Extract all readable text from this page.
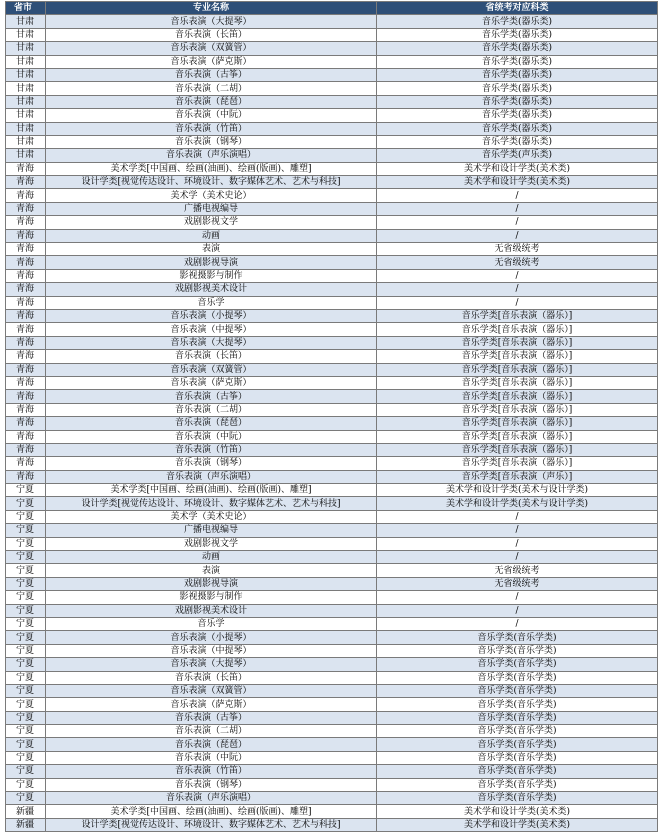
省市	专业名称	省统考对应科类
甘肃	音乐表演（大提琴）	音乐学类(器乐类)
甘肃	音乐表演（长笛）	音乐学类(器乐类)
甘肃	音乐表演（双簧管）	音乐学类(器乐类)
甘肃	音乐表演（萨克斯）	音乐学类(器乐类)
甘肃	音乐表演（古筝）	音乐学类(器乐类)
甘肃	音乐表演（二胡）	音乐学类(器乐类)
甘肃	音乐表演（琵琶）	音乐学类(器乐类)
甘肃	音乐表演（中阮）	音乐学类(器乐类)
甘肃	音乐表演（竹笛）	音乐学类(器乐类)
甘肃	音乐表演（钢琴）	音乐学类(器乐类)
甘肃	音乐表演（声乐演唱）	音乐学类(声乐类)
青海	美术学类[中国画、绘画(油画)、绘画(版画)、雕塑]	美术学和设计学类(美术类)
青海	设计学类[视觉传达设计、环境设计、数字媒体艺术、艺术与科技]	美术学和设计学类(美术类)
青海	美术学（美术史论）	/
青海	广播电视编导	/
青海	戏剧影视文学	/
青海	动画	/
青海	表演	无省级统考
青海	戏剧影视导演	无省级统考
青海	影视摄影与制作	/
青海	戏剧影视美术设计	/
青海	音乐学	/
青海	音乐表演（小提琴）	音乐学类[音乐表演（器乐）]
青海	音乐表演（中提琴）	音乐学类[音乐表演（器乐）]
青海	音乐表演（大提琴）	音乐学类[音乐表演（器乐）]
青海	音乐表演（长笛）	音乐学类[音乐表演（器乐）]
青海	音乐表演（双簧管）	音乐学类[音乐表演（器乐）]
青海	音乐表演（萨克斯）	音乐学类[音乐表演（器乐）]
青海	音乐表演（古筝）	音乐学类[音乐表演（器乐）]
青海	音乐表演（二胡）	音乐学类[音乐表演（器乐）]
青海	音乐表演（琵琶）	音乐学类[音乐表演（器乐）]
青海	音乐表演（中阮）	音乐学类[音乐表演（器乐）]
青海	音乐表演（竹笛）	音乐学类[音乐表演（器乐）]
青海	音乐表演（钢琴）	音乐学类[音乐表演（器乐）]
青海	音乐表演（声乐演唱）	音乐学类[音乐表演（声乐）]
宁夏	美术学类[中国画、绘画(油画)、绘画(版画)、雕塑]	美术学和设计学类(美术与设计学类)
宁夏	设计学类[视觉传达设计、环境设计、数字媒体艺术、艺术与科技]	美术学和设计学类(美术与设计学类)
宁夏	美术学（美术史论）	/
宁夏	广播电视编导	/
宁夏	戏剧影视文学	/
宁夏	动画	/
宁夏	表演	无省级统考
宁夏	戏剧影视导演	无省级统考
宁夏	影视摄影与制作	/
宁夏	戏剧影视美术设计	/
宁夏	音乐学	/
宁夏	音乐表演（小提琴）	音乐学类(音乐学类)
宁夏	音乐表演（中提琴）	音乐学类(音乐学类)
宁夏	音乐表演（大提琴）	音乐学类(音乐学类)
宁夏	音乐表演（长笛）	音乐学类(音乐学类)
宁夏	音乐表演（双簧管）	音乐学类(音乐学类)
宁夏	音乐表演（萨克斯）	音乐学类(音乐学类)
宁夏	音乐表演（古筝）	音乐学类(音乐学类)
宁夏	音乐表演（二胡）	音乐学类(音乐学类)
宁夏	音乐表演（琵琶）	音乐学类(音乐学类)
宁夏	音乐表演（中阮）	音乐学类(音乐学类)
宁夏	音乐表演（竹笛）	音乐学类(音乐学类)
宁夏	音乐表演（钢琴）	音乐学类(音乐学类)
宁夏	音乐表演（声乐演唱）	音乐学类(音乐学类)
新疆	美术学类[中国画、绘画(油画)、绘画(版画)、雕塑]	美术学和设计学类(美术类)
新疆	设计学类[视觉传达设计、环境设计、数字媒体艺术、艺术与科技]	美术学和设计学类(美术类)
